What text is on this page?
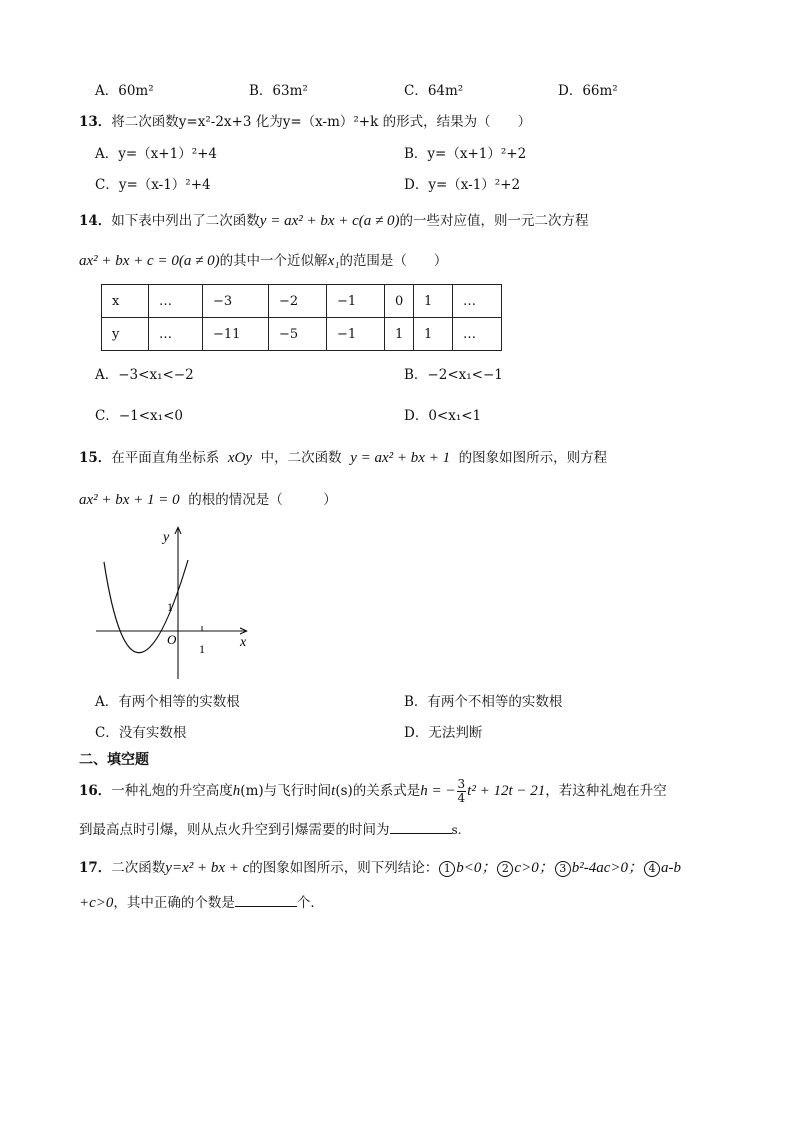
A．60m²	B．63m²	C．64m²	D．66m²
13．将二次函数y=x²-2x+3 化为y=（x-m）²+k 的形式，结果为（　　）
A．y=（x+1）²+4	B．y=（x+1）²+2
C．y=（x-1）²+4	D．y=（x-1）²+2
14．如下表中列出了二次函数y = ax² + bx + c(a ≠ 0)的一些对应值，则一元二次方程
ax² + bx + c = 0(a ≠ 0)的其中一个近似解x₁的范围是（　　）
x	…	−3	−2	−1	0	1	…
y	…	−11	−5	−1	1	1	…
A．−3<x₁<−2	B．−2<x₁<−1
C．−1<x₁<0	D．0<x₁<1
15．在平面直角坐标系 xOy 中，二次函数 y = ax² + bx + 1 的图象如图所示，则方程
ax² + bx + 1 = 0 的根的情况是（　　　）
y
x
O
1
1
A．有两个相等的实数根	B．有两个不相等的实数根
C．没有实数根	D．无法判断
二、填空题
16．一种礼炮的升空高度h(m)与飞行时间t(s)的关系式是h = − $\frac{3}{4} t^2 + 12t - 21$，若这种礼炮在升空
到最高点时引爆，则从点火升空到引爆需要的时间为	s.
17．二次函数y=x² + bx + c的图象如图所示，则下列结论： 1 b<0； 2 c>0； 3 b²-4ac>0； 4 a-b
+c>0，其中正确的个数是	个．
